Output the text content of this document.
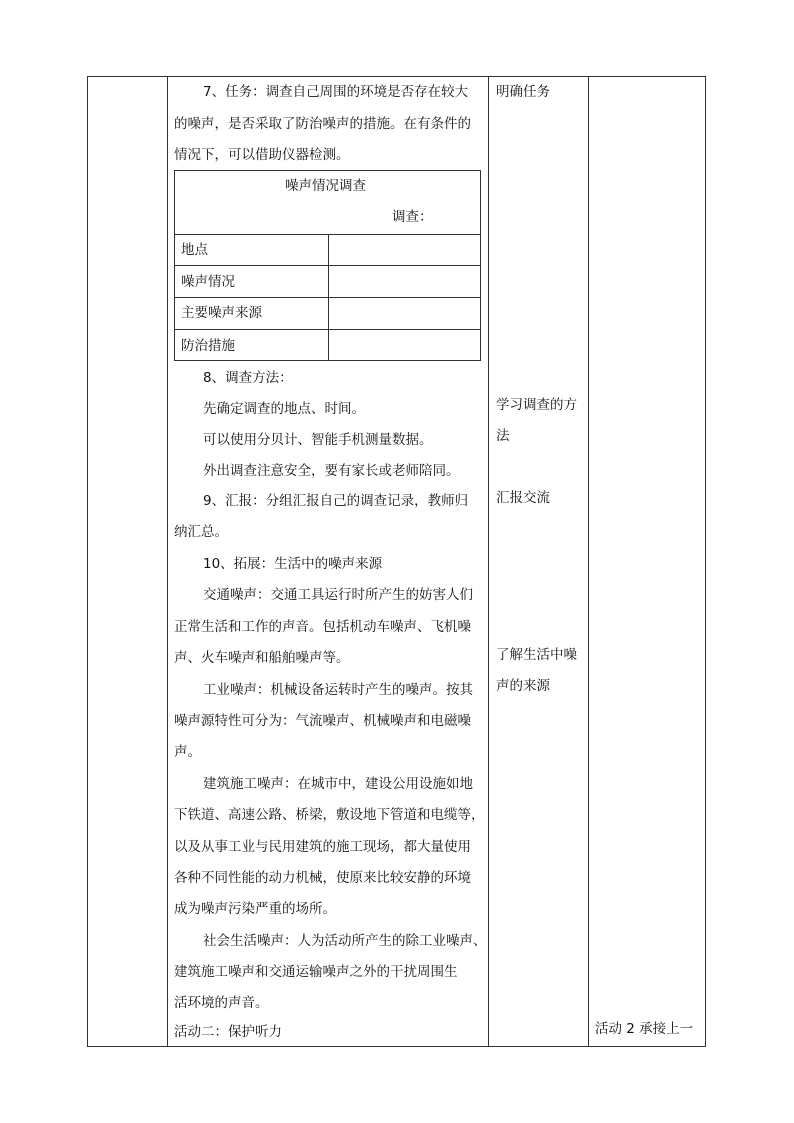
7、任务：调查自己周围的环境是否存在较大
的噪声，是否采取了防治噪声的措施。在有条件的
情况下，可以借助仪器检测。
噪声情况调查
调查：
地点
噪声情况
主要噪声来源
防治措施
8、调查方法：
先确定调查的地点、时间。
可以使用分贝计、智能手机测量数据。
外出调查注意安全，要有家长或老师陪同。
9、汇报：分组汇报自己的调查记录，教师归
纳汇总。
10、拓展：生活中的噪声来源
交通噪声：交通工具运行时所产生的妨害人们
正常生活和工作的声音。包括机动车噪声、飞机噪
声、火车噪声和船舶噪声等。
工业噪声：机械设备运转时产生的噪声。按其
噪声源特性可分为：气流噪声、机械噪声和电磁噪
声。
建筑施工噪声：在城市中，建设公用设施如地
下铁道、高速公路、桥梁，敷设地下管道和电缆等，
以及从事工业与民用建筑的施工现场，都大量使用
各种不同性能的动力机械，使原来比较安静的环境
成为噪声污染严重的场所。
社会生活噪声：人为活动所产生的除工业噪声、
建筑施工噪声和交通运输噪声之外的干扰周围生
活环境的声音。
活动二：保护听力
明确任务
学习调查的方
法
汇报交流
了解生活中噪
声的来源
活动 2 承接上一
